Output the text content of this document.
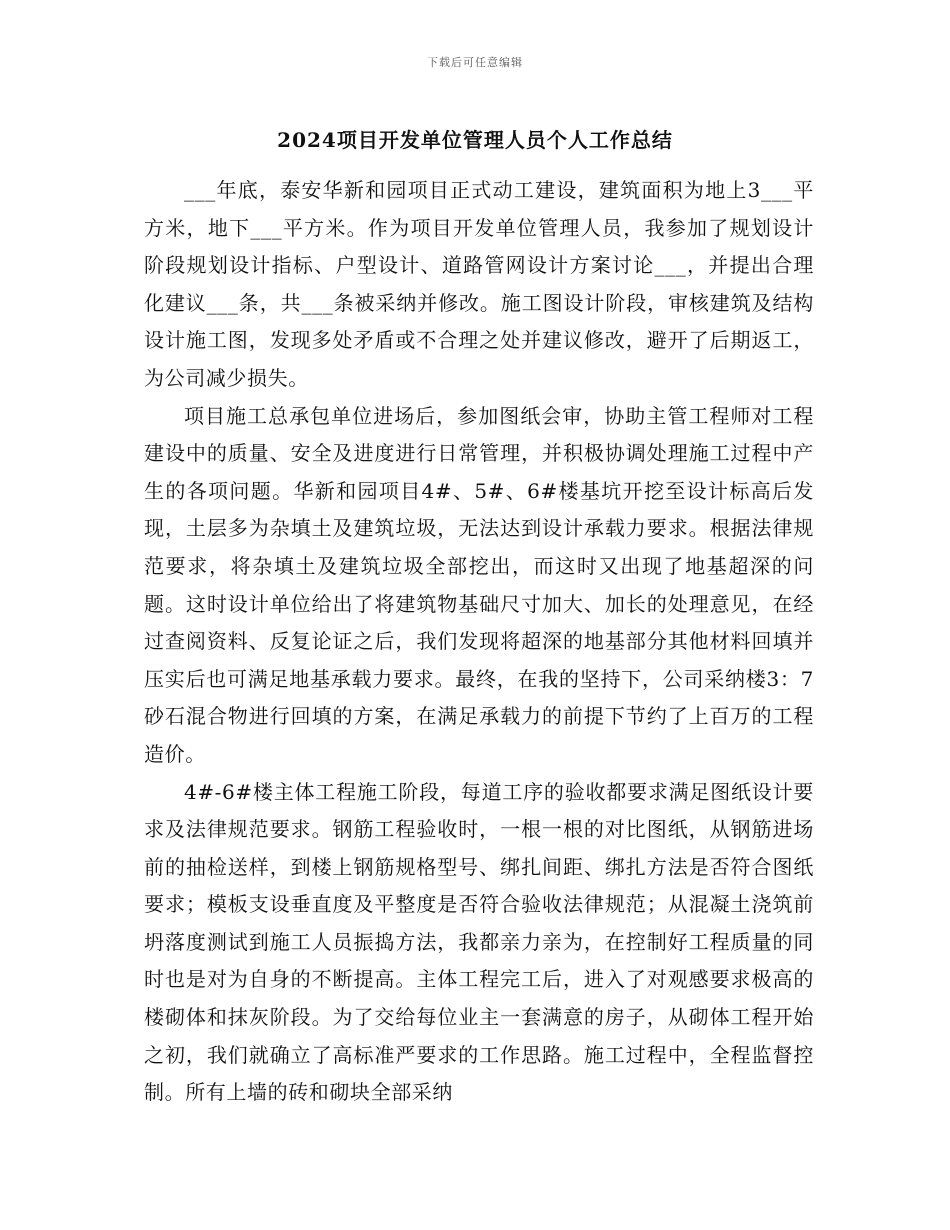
下载后可任意编辑
2024项目开发单位管理人员个人工作总结

___年底，泰安华新和园项目正式动工建设，建筑面积为地上3___平方米，地下___平方米。作为项目开发单位管理人员，我参加了规划设计阶段规划设计指标、户型设计、道路管网设计方案讨论___，并提出合理化建议___条，共___条被采纳并修改。施工图设计阶段，审核建筑及结构设计施工图，发现多处矛盾或不合理之处并建议修改，避开了后期返工，为公司减少损失。

项目施工总承包单位进场后，参加图纸会审，协助主管工程师对工程建设中的质量、安全及进度进行日常管理，并积极协调处理施工过程中产生的各项问题。华新和园项目4#、5#、6#楼基坑开挖至设计标高后发现，土层多为杂填土及建筑垃圾，无法达到设计承载力要求。根据法律规范要求，将杂填土及建筑垃圾全部挖出，而这时又出现了地基超深的问题。这时设计单位给出了将建筑物基础尺寸加大、加长的处理意见，在经过查阅资料、反复论证之后，我们发现将超深的地基部分其他材料回填并压实后也可满足地基承载力要求。最终，在我的坚持下，公司采纳楼3：7砂石混合物进行回填的方案，在满足承载力的前提下节约了上百万的工程造价。

4#-6#楼主体工程施工阶段，每道工序的验收都要求满足图纸设计要求及法律规范要求。钢筋工程验收时，一根一根的对比图纸，从钢筋进场前的抽检送样，到楼上钢筋规格型号、绑扎间距、绑扎方法是否符合图纸要求；模板支设垂直度及平整度是否符合验收法律规范；从混凝土浇筑前坍落度测试到施工人员振捣方法，我都亲力亲为，在控制好工程质量的同时也是对为自身的不断提高。主体工程完工后，进入了对观感要求极高的楼砌体和抹灰阶段。为了交给每位业主一套满意的房子，从砌体工程开始之初，我们就确立了高标准严要求的工作思路。施工过程中，全程监督控制。所有上墙的砖和砌块全部采纳
